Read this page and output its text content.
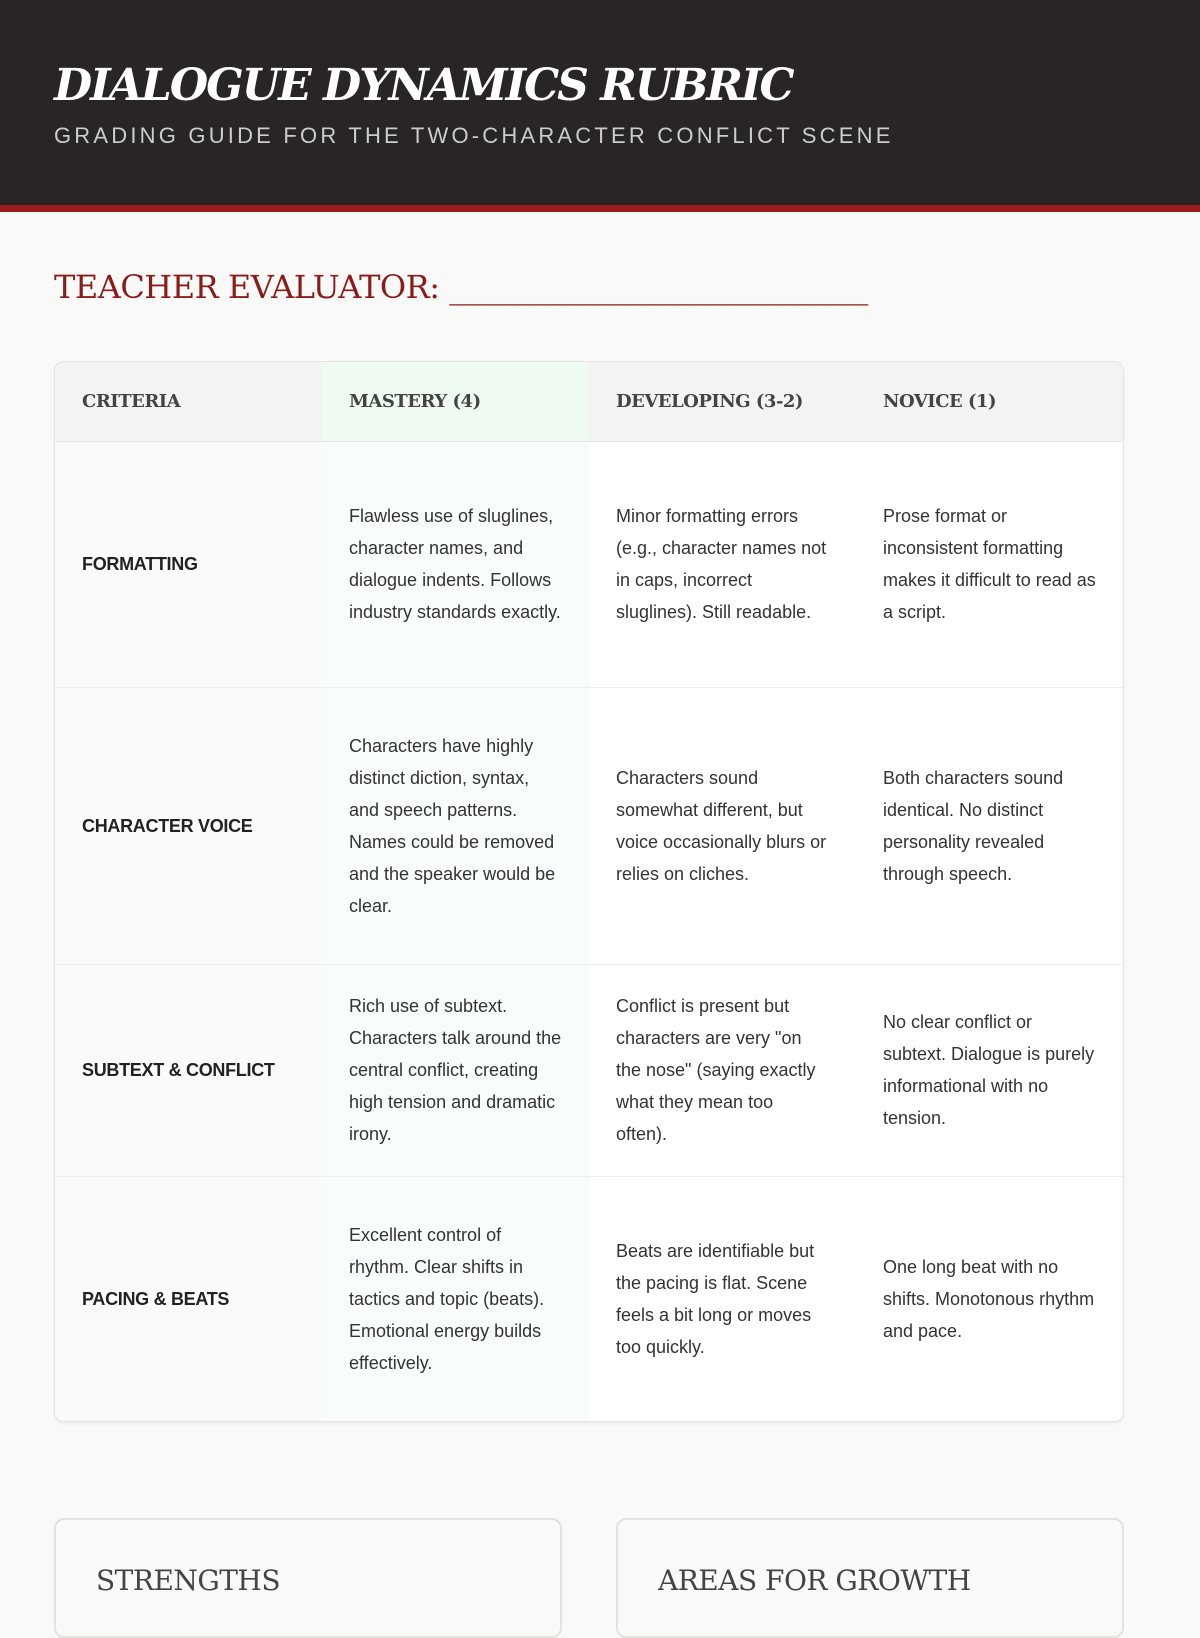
DIALOGUE DYNAMICS RUBRIC
GRADING GUIDE FOR THE TWO-CHARACTER CONFLICT SCENE
TEACHER EVALUATOR: ___________________________
CRITERIA	MASTERY (4)	DEVELOPING (3-2)	NOVICE (1)
FORMATTING	Flawless use of sluglines, character names, and dialogue indents. Follows industry standards exactly.	Minor formatting errors (e.g., character names not in caps, incorrect sluglines). Still readable.	Prose format or inconsistent formatting makes it difficult to read as a script.
CHARACTER VOICE	Characters have highly distinct diction, syntax, and speech patterns. Names could be removed and the speaker would be clear.	Characters sound somewhat different, but voice occasionally blurs or relies on cliches.	Both characters sound identical. No distinct personality revealed through speech.
SUBTEXT & CONFLICT	Rich use of subtext. Characters talk around the central conflict, creating high tension and dramatic irony.	Conflict is present but characters are very "on the nose" (saying exactly what they mean too often).	No clear conflict or subtext. Dialogue is purely informational with no tension.
PACING & BEATS	Excellent control of rhythm. Clear shifts in tactics and topic (beats). Emotional energy builds effectively.	Beats are identifiable but the pacing is flat. Scene feels a bit long or moves too quickly.	One long beat with no shifts. Monotonous rhythm and pace.
STRENGTHS	AREAS FOR GROWTH
